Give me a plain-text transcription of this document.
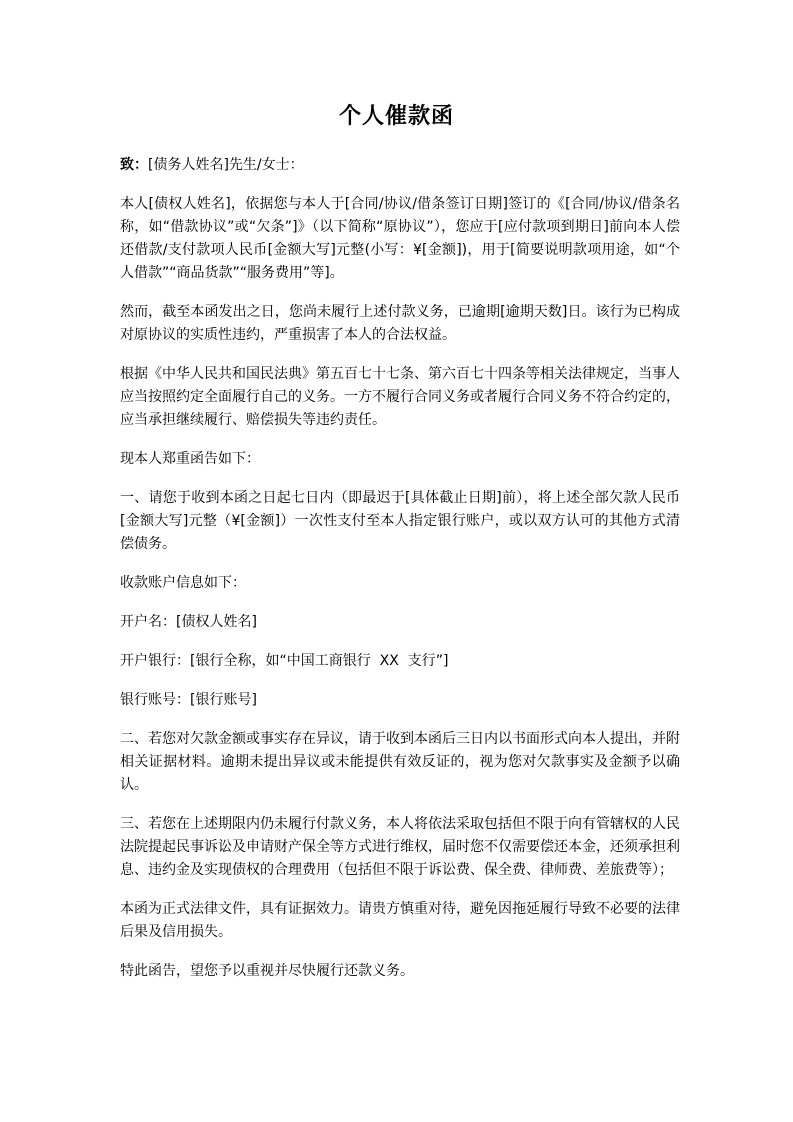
个人催款函

致：[债务人姓名]先生/女士：

本人[债权人姓名]，依据您与本人于[合同/协议/借条签订日期]签订的《[合同/协议/借条名称，如“借款协议”或“欠条”]》（以下简称“原协议”），您应于[应付款项到期日]前向本人偿还借款/支付款项人民币[金额大写]元整(小写：¥[金额])，用于[简要说明款项用途，如“个人借款”“商品货款”“服务费用”等]。

然而，截至本函发出之日，您尚未履行上述付款义务，已逾期[逾期天数]日。该行为已构成对原协议的实质性违约，严重损害了本人的合法权益。

根据《中华人民共和国民法典》第五百七十七条、第六百七十四条等相关法律规定，当事人应当按照约定全面履行自己的义务。一方不履行合同义务或者履行合同义务不符合约定的，应当承担继续履行、赔偿损失等违约责任。

现本人郑重函告如下：

一、请您于收到本函之日起七日内（即最迟于[具体截止日期]前），将上述全部欠款人民币[金额大写]元整（¥[金额]）一次性支付至本人指定银行账户，或以双方认可的其他方式清偿债务。

收款账户信息如下：

开户名：[债权人姓名]

开户银行：[银行全称，如“中国工商银行  XX  支行”]

银行账号：[银行账号]

二、若您对欠款金额或事实存在异议，请于收到本函后三日内以书面形式向本人提出，并附相关证据材料。逾期未提出异议或未能提供有效反证的，视为您对欠款事实及金额予以确认。

三、若您在上述期限内仍未履行付款义务，本人将依法采取包括但不限于向有管辖权的人民法院提起民事诉讼及申请财产保全等方式进行维权，届时您不仅需要偿还本金，还须承担利息、违约金及实现债权的合理费用（包括但不限于诉讼费、保全费、律师费、差旅费等）；

本函为正式法律文件，具有证据效力。请贵方慎重对待，避免因拖延履行导致不必要的法律后果及信用损失。

特此函告，望您予以重视并尽快履行还款义务。
